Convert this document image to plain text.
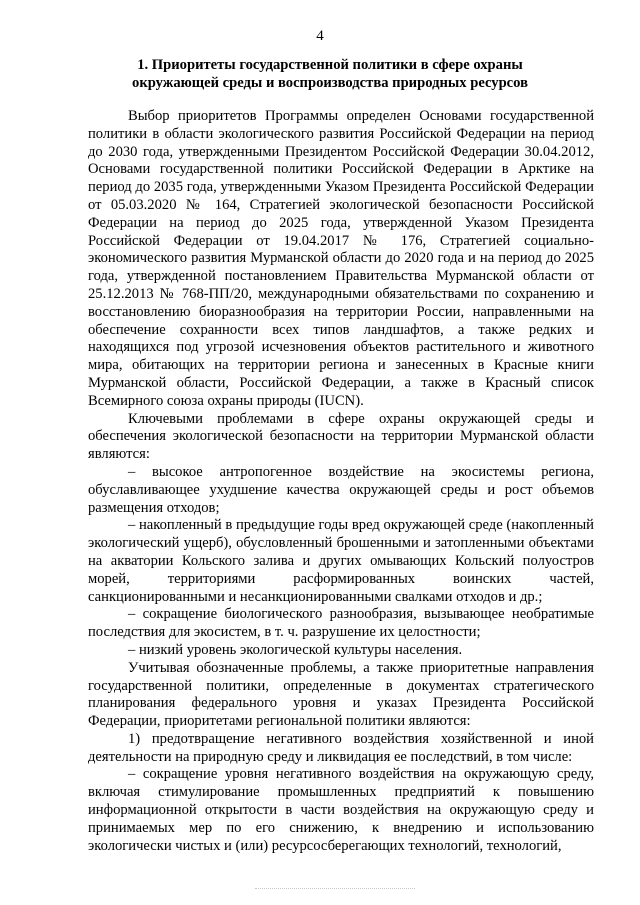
4
1. Приоритеты государственной политики в сфере охраны окружающей среды и воспроизводства природных ресурсов

Выбор приоритетов Программы определен Основами государственной политики в области экологического развития Российской Федерации на период до 2030 года, утвержденными Президентом Российской Федерации 30.04.2012, Основами государственной политики Российской Федерации в Арктике на период до 2035 года, утвержденными Указом Президента Российской Федерации от 05.03.2020 № 164, Стратегией экологической безопасности Российской Федерации на период до 2025 года, утвержденной Указом Президента Российской Федерации от 19.04.2017 № 176, Стратегией социально-экономического развития Мурманской области до 2020 года и на период до 2025 года, утвержденной постановлением Правительства Мурманской области от 25.12.2013 № 768-ПП/20, международными обязательствами по сохранению и восстановлению биоразнообразия на территории России, направленными на обеспечение сохранности всех типов ландшафтов, а также редких и находящихся под угрозой исчезновения объектов растительного и животного мира, обитающих на территории региона и занесенных в Красные книги Мурманской области, Российской Федерации, а также в Красный список Всемирного союза охраны природы (IUCN).

Ключевыми проблемами в сфере охраны окружающей среды и обеспечения экологической безопасности на территории Мурманской области являются:

– высокое антропогенное воздействие на экосистемы региона, обуславливающее ухудшение качества окружающей среды и рост объемов размещения отходов;

– накопленный в предыдущие годы вред окружающей среде (накопленный экологический ущерб), обусловленный брошенными и затопленными объектами на акватории Кольского залива и других омывающих Кольский полуостров морей, территориями расформированных воинских частей, санкционированными и несанкционированными свалками отходов и др.;

– сокращение биологического разнообразия, вызывающее необратимые последствия для экосистем, в т. ч. разрушение их целостности;

– низкий уровень экологической культуры населения.

Учитывая обозначенные проблемы, а также приоритетные направления государственной политики, определенные в документах стратегического планирования федерального уровня и указах Президента Российской Федерации, приоритетами региональной политики являются:

1) предотвращение негативного воздействия хозяйственной и иной деятельности на природную среду и ликвидация ее последствий, в том числе:

– сокращение уровня негативного воздействия на окружающую среду, включая стимулирование промышленных предприятий к повышению информационной открытости в части воздействия на окружающую среду и принимаемых мер по его снижению, к внедрению и использованию экологически чистых и (или) ресурсосберегающих технологий, технологий,
